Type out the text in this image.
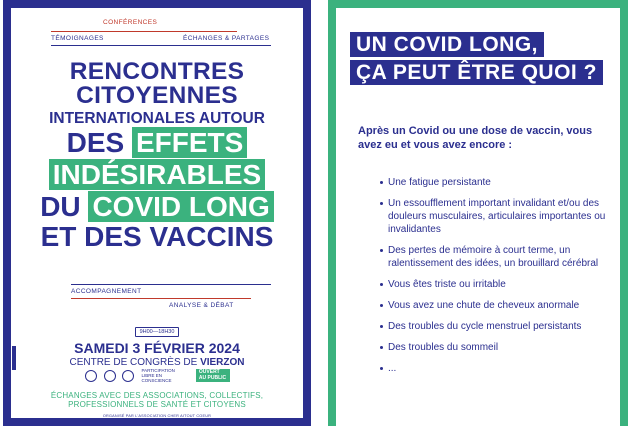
CONFÉRENCES
TÉMOIGNAGES	ÉCHANGES & PARTAGES
RENCONTRES
CITOYENNES
INTERNATIONALES AUTOUR
DES EFFETS
INDÉSIRABLES
DU COVID LONG
ET DES VACCINS
ACCOMPAGNEMENT
ANALYSE & DÉBAT
9H00—18H30
SAMEDI 3 FÉVRIER 2024
CENTRE DE CONGRÈS DE VIERZON
PARTICIPATION LIBRE EN CONSCIENCE OUVERT AU PUBLIC
ÉCHANGES AVEC DES ASSOCIATIONS, COLLECTIFS,
PROFESSIONNELS DE SANTÉ ET CITOYENS
ORGANISÉ PAR L'ASSOCIATION CHER AITOUT COEUR
UN COVID LONG,
ÇA PEUT ÊTRE QUOI ?

Après un Covid ou une dose de vaccin, vous avez eu et vous avez encore :

Une fatigue persistante
Un essoufflement important invalidant et/ou des douleurs musculaires, articulaires importantes ou invalidantes
Des pertes de mémoire à court terme, un ralentissement des idées, un brouillard cérébral
Vous êtes triste ou irritable
Vous avez une chute de cheveux anormale
Des troubles du cycle menstruel persistants
Des troubles du sommeil
...
